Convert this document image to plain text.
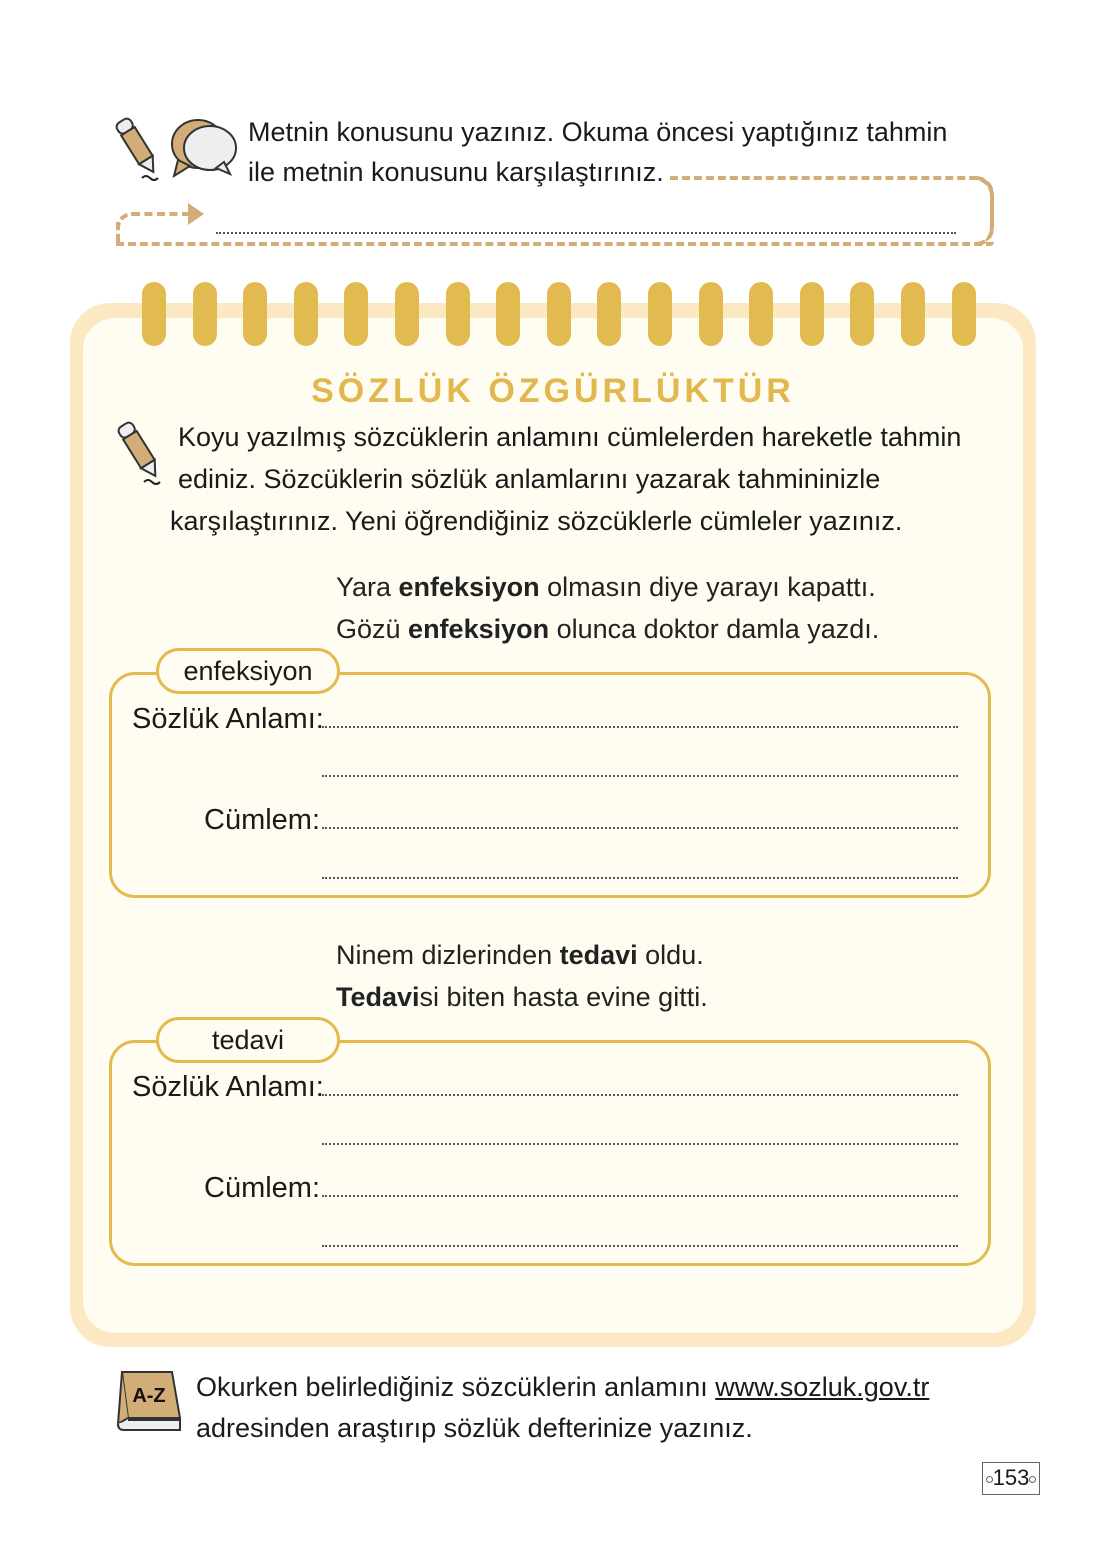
Metnin konusunu yazınız. Okuma öncesi yaptığınız tahmin
ile metnin konusunu karşılaştırınız.
SÖZLÜK ÖZGÜRLÜKTÜR
Koyu yazılmış sözcüklerin anlamını cümlelerden hareketle tahmin
ediniz. Sözcüklerin sözlük anlamlarını yazarak tahmininizle
karşılaştırınız. Yeni öğrendiğiniz sözcüklerle cümleler yazınız.
Yara enfeksiyon olmasın diye yarayı kapattı.
Gözü enfeksiyon olunca doktor damla yazdı.
enfeksiyon
Sözlük Anlamı:
Cümlem:
Ninem dizlerinden tedavi oldu.
Tedavisi biten hasta evine gitti.
tedavi
Sözlük Anlamı:
Cümlem:
A-Z Okurken belirlediğiniz sözcüklerin anlamını www.sozluk.gov.tr
adresinden araştırıp sözlük defterinize yazınız.
153
